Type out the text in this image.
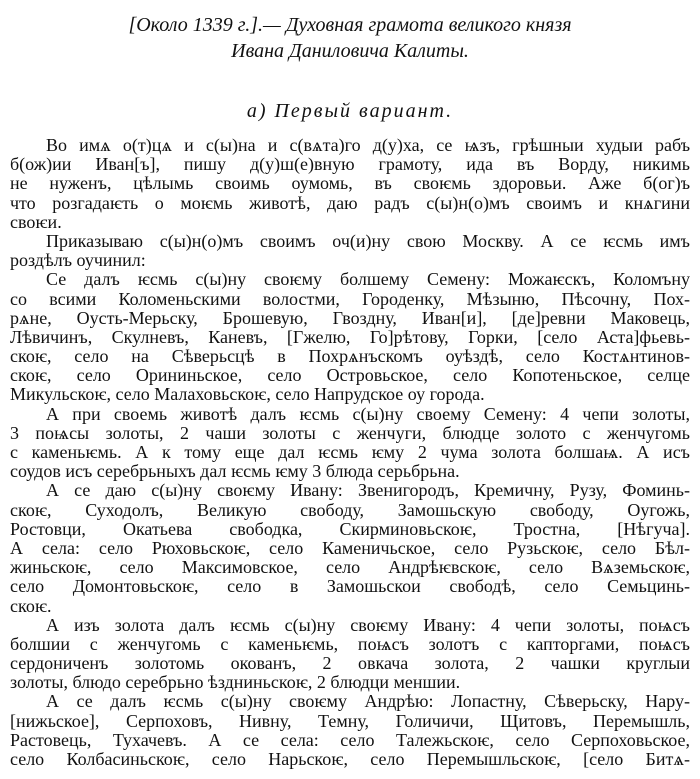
[Около 1339 г.].— Духовная грамота великого князя
Ивана Даниловича Калиты.
а) Первый вариант.
Во имѧ о(т)цѧ и с(ы)на и с(вѧта)го д(у)ха, се ѩзъ, грѣшныи худыи рабъ
б(ож)ии Иван[ъ], пишу д(у)ш(е)вную грамоту, ида въ Ворду, никимь
не нуженъ, цѣлымь своимь оумомь, въ своѥмь здоровьи. Аже б(ог)ъ
что розгадаѥть о моѥмь животѣ, даю радъ с(ы)н(о)мъ своимъ и кнѧгини
своѥи.
Приказываю с(ы)н(о)мъ своимъ оч(и)ну свою Москву. А се ѥсмь имъ
роздѣлъ оучинил:
Се далъ ѥсмь с(ы)ну своѥму болшему Семену: Можаѥскъ, Коломъну
со всими Коломеньскими волостми, Городенку, Мѣзыню, Пѣсочну, Пох-
рѧне, Оусть-Мерьску, Брошевую, Гвоздну, Иван[и], [де]ревни Маковець,
Лѣвичинъ, Скулневъ, Каневъ, [Гжелю, Го]рѣтову, Горки, [село Аста]фьевь-
скоѥ, село на Сѣверьсцѣ в Похрѧнъскомъ оуѣздѣ, село Костѧнтинов-
скоѥ, село Орининьское, село Островьское, село Копотеньское, селце
Микульскоѥ, село Малаховьскоѥ, село Напрудское оу города.
А при своемь животѣ далъ ѥсмь с(ы)ну своему Семену: 4 чепи золоты,
3 поѩсы золоты, 2 чаши золоты с женчуги, блюдце золото с женчугомь
с каменьѥмь. А к тому еще дал ѥсмь ѥму 2 чума золота болшаѩ. А исъ
соудов исъ серебрьныхъ дал ѥсмь ѥму 3 блюда серьбрьна.
А се даю с(ы)ну своѥму Ивану: Звенигородъ, Кремичну, Рузу, Фоминь-
скоѥ, Суходолъ, Великую свободу, Замошьскую свободу, Оугожь,
Ростовци, Окатьева свободка, Скирминовьскоѥ, Тростна, [Нѣгуча].
А села: село Рюховьскоѥ, село Каменичьское, село Рузьскоѥ, село Бѣл-
жиньскоѥ, село Максимовское, село Андрѣѥвскоѥ, село Вѧземьскоѥ,
село Домонтовьскоѥ, село в Замошьскои свободѣ, село Семьцинь-
скоѥ.
А изъ золота далъ ѥсмь с(ы)ну своѥму Ивану: 4 чепи золоты, поѩсъ
болшии с женчугомь с каменьѥмь, поѩсъ золотъ с капторгами, поѩсъ
сердониченъ золотомь окованъ, 2 овкача золота, 2 чашки круглыи
золоты, блюдо серебрьно ѣздниньскоѥ, 2 блюдци меншии.
А се далъ ѥсмь с(ы)ну своѥму Андрѣю: Лопастну, Сѣверьску, Нару-
[нижьское], Серпоховъ, Нивну, Темну, Голичичи, Щитовъ, Перемышль,
Растовець, Тухачевъ. А се села: село Талежьскоѥ, село Серпоховьское,
село Колбасиньскоѥ, село Нарьскоѥ, село Перемышльскоѥ, [село Битѧ-
